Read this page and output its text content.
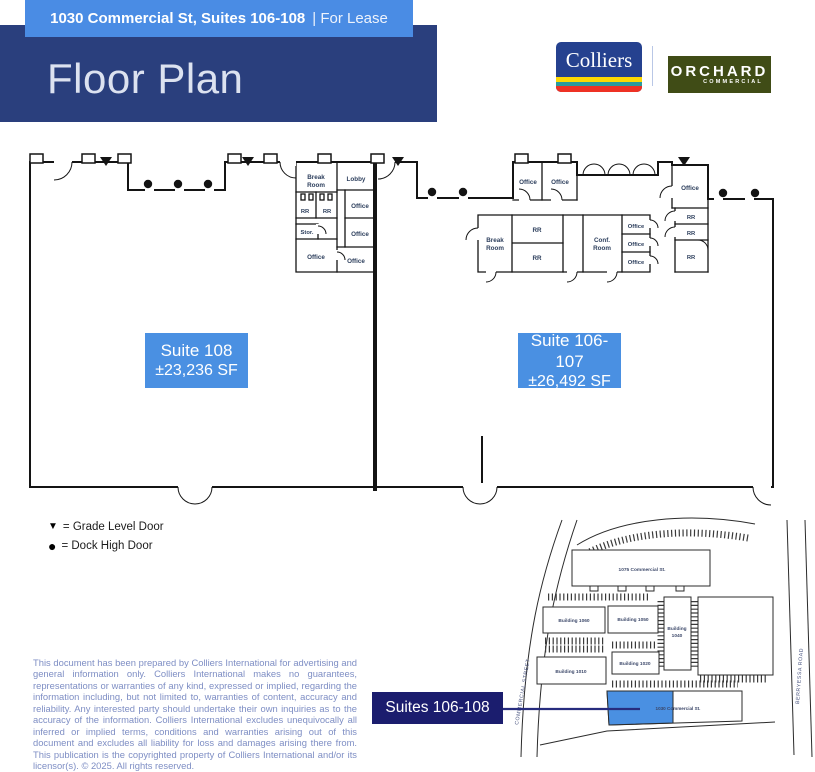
Break
Room
Lobby
RR RR
Office
Office
Stor.
Office
Office
Office Office
Office
RR
RR
RR
Break
Room
RR
RR
Conf.
Room
Office
Office
Office
1075 Commercial St.
Building 1060	Building 1050
Building
1040
Building 1010
Building 1020
1030 Commercial St.
COMMERCIAL STREET	BERRYESSA ROAD
1030 Commercial St, Suites 106-108 | For Lease
Floor Plan	Colliers	ORCHARD
COMMERCIAL
Suite 108
±23,236 SF
Suite 106-107
±26,492 SF
▼ = Grade Level Door
● = Dock High Door
This document has been prepared by Colliers International for advertising and general information only. Colliers International makes no guarantees, representations or warranties of any kind, expressed or implied, regarding the information including, but not limited to, warranties of content, accuracy and reliability. Any interested party should undertake their own inquiries as to the accuracy of the information. Colliers International excludes unequivocally all inferred or implied terms, conditions and warranties arising out of this document and excludes all liability for loss and damages arising there from. This publication is the copyrighted property of Colliers International and/or its licensor(s). © 2025. All rights reserved.
Suites 106-108
